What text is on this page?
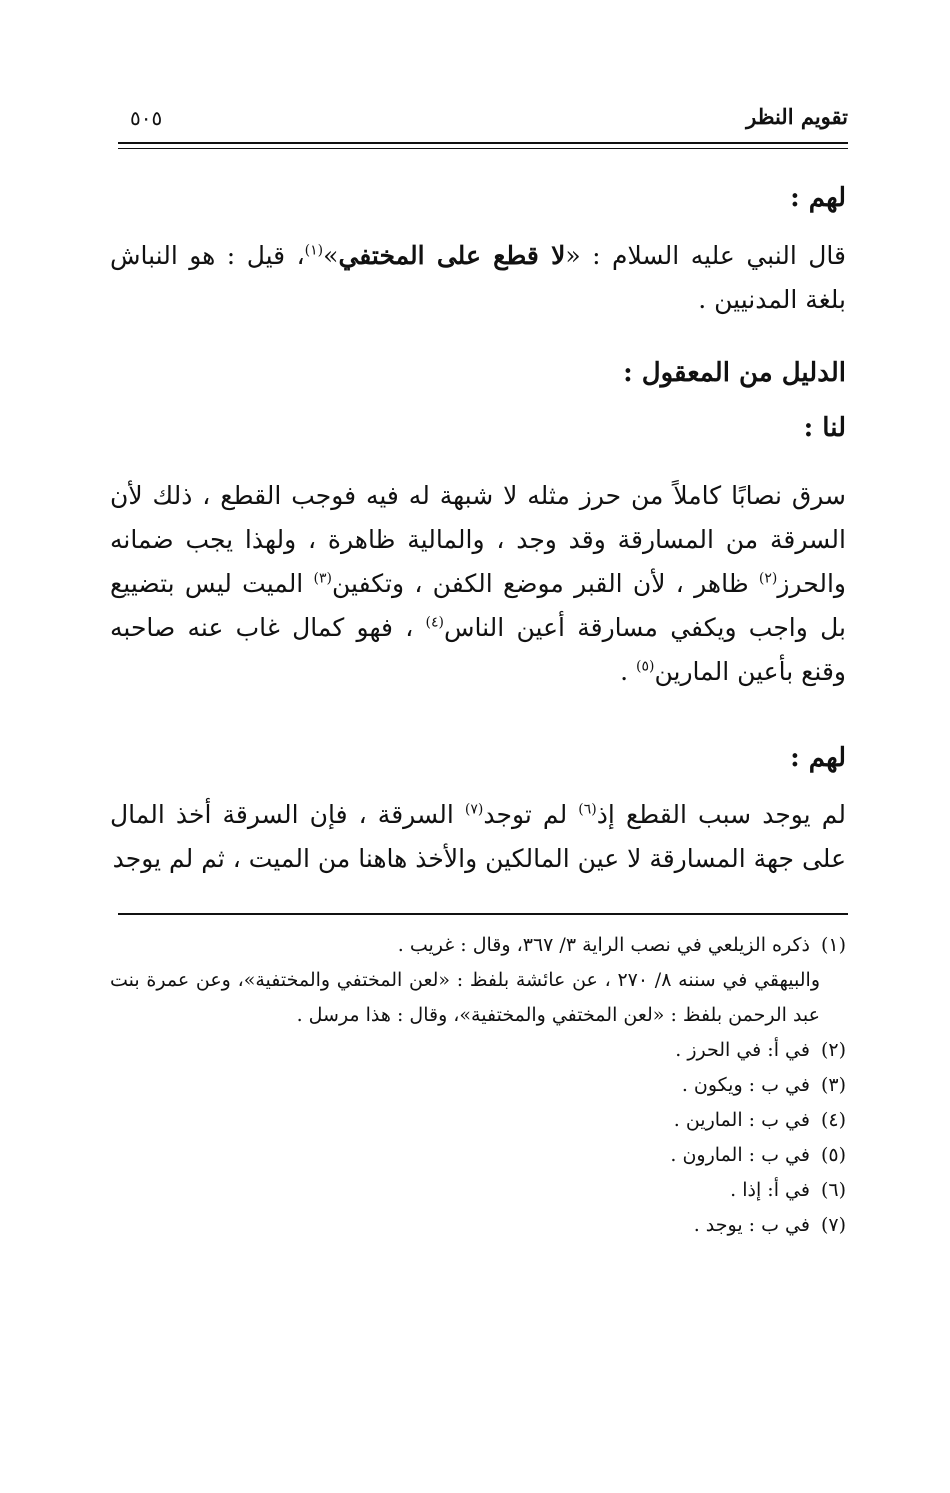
تقويم النظر
٥٠٥

لهم :

قال النبي عليه السلام : «لا قطع على المختفي»$^{(١)}$، قيل : هو النباش بلغة المدنيين .

الدليل من المعقول :

لنا :

سرق نصابًا كاملاً من حرز مثله لا شبهة له فيه فوجب القطع ، ذلك لأن السرقة من المسارقة وقد وجد ، والمالية ظاهرة ، ولهذا يجب ضمانه والحرز$^{(٢)}$ ظاهر ، لأن القبر موضع الكفن ، وتكفين$^{(٣)}$ الميت ليس بتضييع بل واجب ويكفي مسارقة أعين الناس$^{(٤)}$ ، فهو كمال غاب عنه صاحبه وقنع بأعين المارين$^{(٥)}$ .

لهم :

لم يوجد سبب القطع إذ$^{(٦)}$ لم توجد$^{(٧)}$ السرقة ، فإن السرقة أخذ المال على جهة المسارقة لا عين المالكين والأخذ هاهنا من الميت ، ثم لم يوجد

(١) ذكره الزيلعي في نصب الراية ٣/ ٣٦٧، وقال : غريب .

والبيهقي في سننه ٨/ ٢٧٠ ، عن عائشة بلفظ : «لعن المختفي والمختفية»، وعن عمرة بنت عبد الرحمن بلفظ : «لعن المختفي والمختفية»، وقال : هذا مرسل .

(٢) في أ: في الحرز .

(٣) في ب : ويكون .

(٤) في ب : المارين .

(٥) في ب : المارون .

(٦) في أ: إذا .

(٧) في ب : يوجد .
